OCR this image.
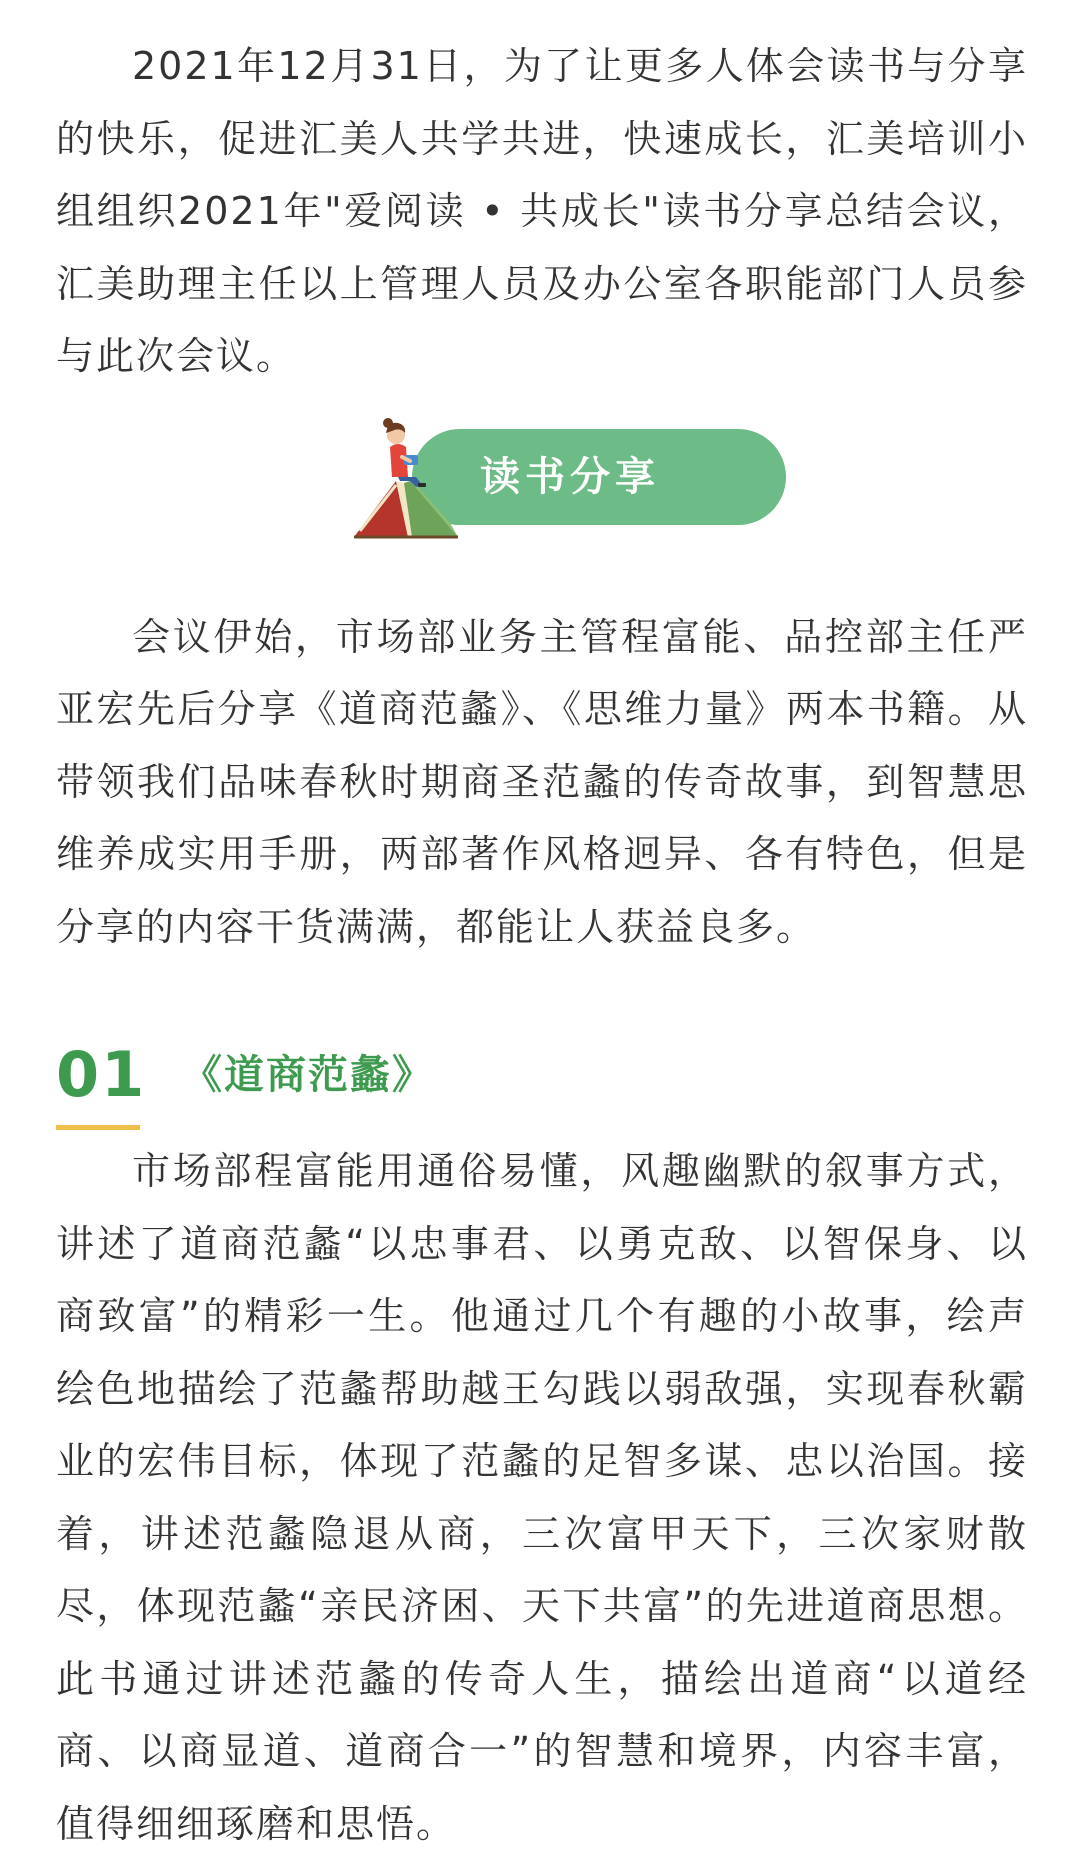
2021年12月31日，为了让更多人体会读书与分享的快乐，促进汇美人共学共进，快速成长，汇美培训小组组织2021年"爱阅读 • 共成长"读书分享总结会议，汇美助理主任以上管理人员及办公室各职能部门人员参与此次会议。

读书分享

会议伊始，市场部业务主管程富能、品控部主任严亚宏先后分享《道商范蠡》、《思维力量》两本书籍。从带领我们品味春秋时期商圣范蠡的传奇故事，到智慧思维养成实用手册，两部著作风格迥异、各有特色，但是分享的内容干货满满，都能让人获益良多。

01 《道商范蠡》

市场部程富能用通俗易懂，风趣幽默的叙事方式，讲述了道商范蠡“以忠事君、以勇克敌、以智保身、以商致富”的精彩一生。他通过几个有趣的小故事，绘声绘色地描绘了范蠡帮助越王勾践以弱敌强，实现春秋霸业的宏伟目标，体现了范蠡的足智多谋、忠以治国。接着，讲述范蠡隐退从商，三次富甲天下，三次家财散尽，体现范蠡“亲民济困、天下共富”的先进道商思想。此书通过讲述范蠡的传奇人生，描绘出道商“以道经商、以商显道、道商合一”的智慧和境界，内容丰富，值得细细琢磨和思悟。
